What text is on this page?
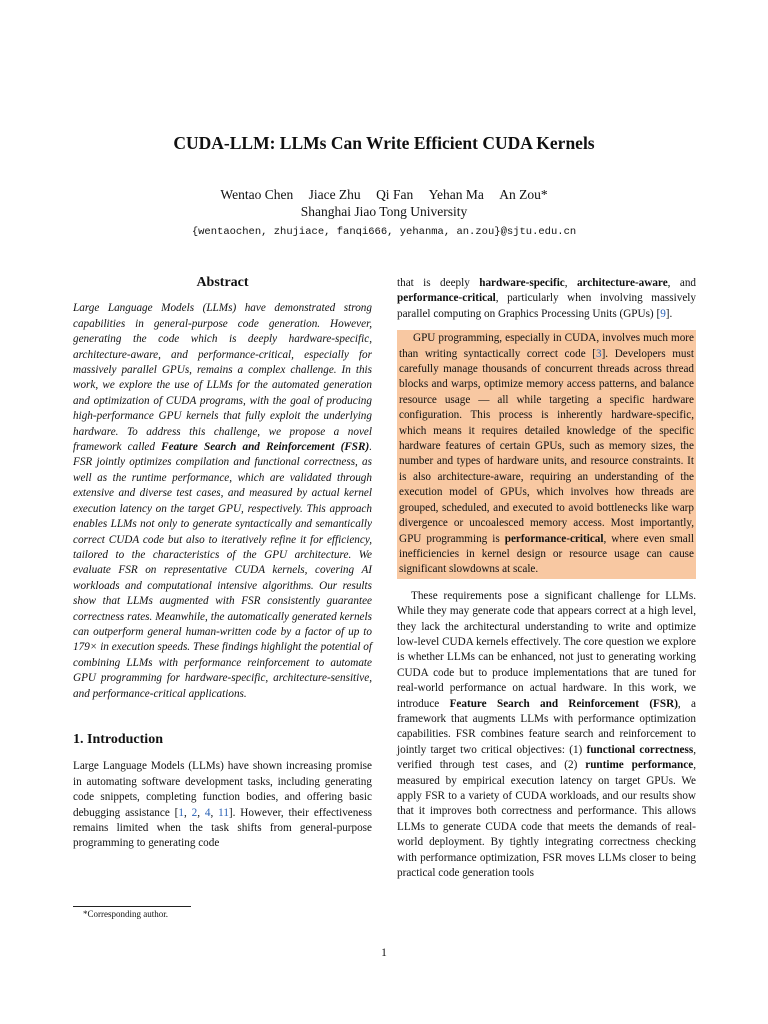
CUDA-LLM: LLMs Can Write Efficient CUDA Kernels
Wentao Chen Jiace Zhu Qi Fan Yehan Ma An Zou*
Shanghai Jiao Tong University
{wentaochen, zhujiace, fanqi666, yehanma, an.zou}@sjtu.edu.cn
Abstract

Large Language Models (LLMs) have demonstrated strong capabilities in general-purpose code generation. However, generating the code which is deeply hardware-specific, architecture-aware, and performance-critical, especially for massively parallel GPUs, remains a complex challenge. In this work, we explore the use of LLMs for the automated generation and optimization of CUDA programs, with the goal of producing high-performance GPU kernels that fully exploit the underlying hardware. To address this challenge, we propose a novel framework called Feature Search and Reinforcement (FSR). FSR jointly optimizes compilation and functional correctness, as well as the runtime performance, which are validated through extensive and diverse test cases, and measured by actual kernel execution latency on the target GPU, respectively. This approach enables LLMs not only to generate syntactically and semantically correct CUDA code but also to iteratively refine it for efficiency, tailored to the characteristics of the GPU architecture. We evaluate FSR on representative CUDA kernels, covering AI workloads and computational intensive algorithms. Our results show that LLMs augmented with FSR consistently guarantee correctness rates. Meanwhile, the automatically generated kernels can outperform general human-written code by a factor of up to 179× in execution speeds. These findings highlight the potential of combining LLMs with performance reinforcement to automate GPU programming for hardware-specific, architecture-sensitive, and performance-critical applications.

1. Introduction

Large Language Models (LLMs) have shown increasing promise in automating software development tasks, including generating code snippets, completing function bodies, and offering basic debugging assistance [1, 2, 4, 11]. However, their effectiveness remains limited when the task shifts from general-purpose programming to generating code

that is deeply hardware-specific, architecture-aware, and performance-critical, particularly when involving massively parallel computing on Graphics Processing Units (GPUs) [9].

GPU programming, especially in CUDA, involves much more than writing syntactically correct code [3]. Developers must carefully manage thousands of concurrent threads across thread blocks and warps, optimize memory access patterns, and balance resource usage — all while targeting a specific hardware configuration. This process is inherently hardware-specific, which means it requires detailed knowledge of the specific hardware features of certain GPUs, such as memory sizes, the number and types of hardware units, and resource constraints. It is also architecture-aware, requiring an understanding of the execution model of GPUs, which involves how threads are grouped, scheduled, and executed to avoid bottlenecks like warp divergence or uncoalesced memory access. Most importantly, GPU programming is performance-critical, where even small inefficiencies in kernel design or resource usage can cause significant slowdowns at scale.

These requirements pose a significant challenge for LLMs. While they may generate code that appears correct at a high level, they lack the architectural understanding to write and optimize low-level CUDA kernels effectively. The core question we explore is whether LLMs can be enhanced, not just to generating working CUDA code but to produce implementations that are tuned for real-world performance on actual hardware. In this work, we introduce Feature Search and Reinforcement (FSR), a framework that augments LLMs with performance optimization capabilities. FSR combines feature search and reinforcement to jointly target two critical objectives: (1) functional correctness, verified through test cases, and (2) runtime performance, measured by empirical execution latency on target GPUs. We apply FSR to a variety of CUDA workloads, and our results show that it improves both correctness and performance. This allows LLMs to generate CUDA code that meets the demands of real-world deployment. By tightly integrating correctness checking with performance optimization, FSR moves LLMs closer to being practical code generation tools

*Corresponding author.
1
